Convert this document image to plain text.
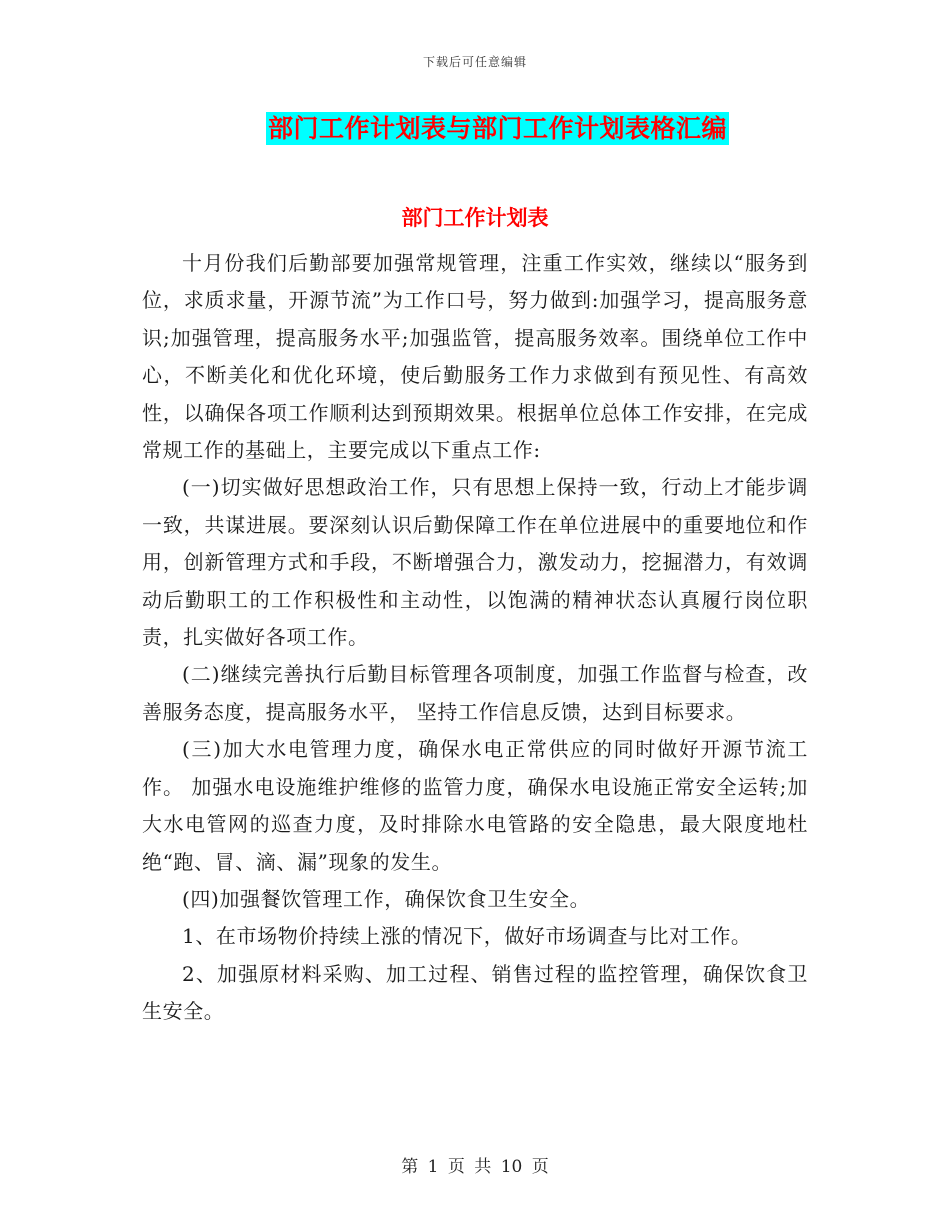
下载后可任意编辑
部门工作计划表与部门工作计划表格汇编
部门工作计划表

十月份我们后勤部要加强常规管理，注重工作实效，继续以“服务到位，求质求量，开源节流”为工作口号，努力做到:加强学习，提高服务意识;加强管理，提高服务水平;加强监管，提高服务效率。围绕单位工作中心，不断美化和优化环境，使后勤服务工作力求做到有预见性、有高效性，以确保各项工作顺利达到预期效果。根据单位总体工作安排，在完成常规工作的基础上，主要完成以下重点工作:

(一)切实做好思想政治工作，只有思想上保持一致，行动上才能步调一致，共谋进展。要深刻认识后勤保障工作在单位进展中的重要地位和作用，创新管理方式和手段，不断增强合力，激发动力，挖掘潜力，有效调动后勤职工的工作积极性和主动性，以饱满的精神状态认真履行岗位职责，扎实做好各项工作。

(二)继续完善执行后勤目标管理各项制度，加强工作监督与检查，改善服务态度，提高服务水平， 坚持工作信息反馈，达到目标要求。

(三)加大水电管理力度，确保水电正常供应的同时做好开源节流工作。 加强水电设施维护维修的监管力度，确保水电设施正常安全运转;加大水电管网的巡查力度，及时排除水电管路的安全隐患，最大限度地杜绝“跑、冒、滴、漏”现象的发生。

(四)加强餐饮管理工作，确保饮食卫生安全。

1、在市场物价持续上涨的情况下，做好市场调查与比对工作。

2、加强原材料采购、加工过程、销售过程的监控管理，确保饮食卫生安全。

第 1 页 共 10 页
